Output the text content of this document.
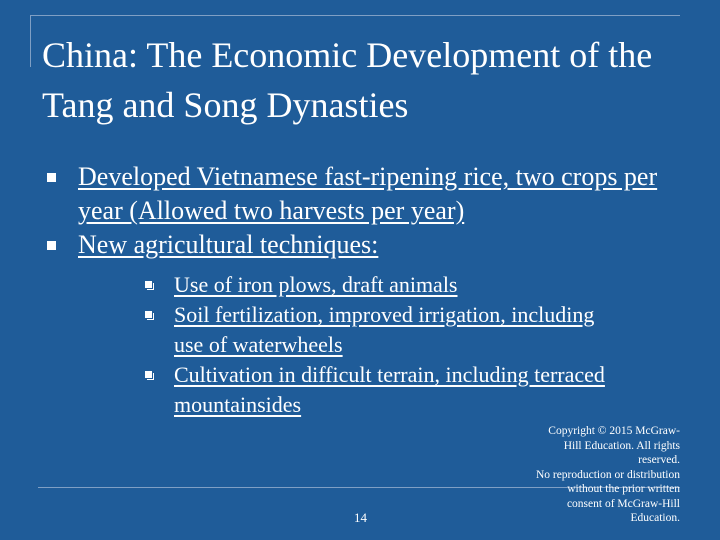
China: The Economic Development of the Tang and Song Dynasties
Developed Vietnamese fast-ripening rice, two crops per year (Allowed two harvests per year)
New agricultural techniques:
Use of iron plows, draft animals
Soil fertilization, improved irrigation, including use of waterwheels
Cultivation in difficult terrain, including terraced mountainsides
14
Copyright © 2015 McGraw-
Hill Education. All rights
reserved.
No reproduction or distribution
without the prior written
consent of McGraw-Hill
Education.
